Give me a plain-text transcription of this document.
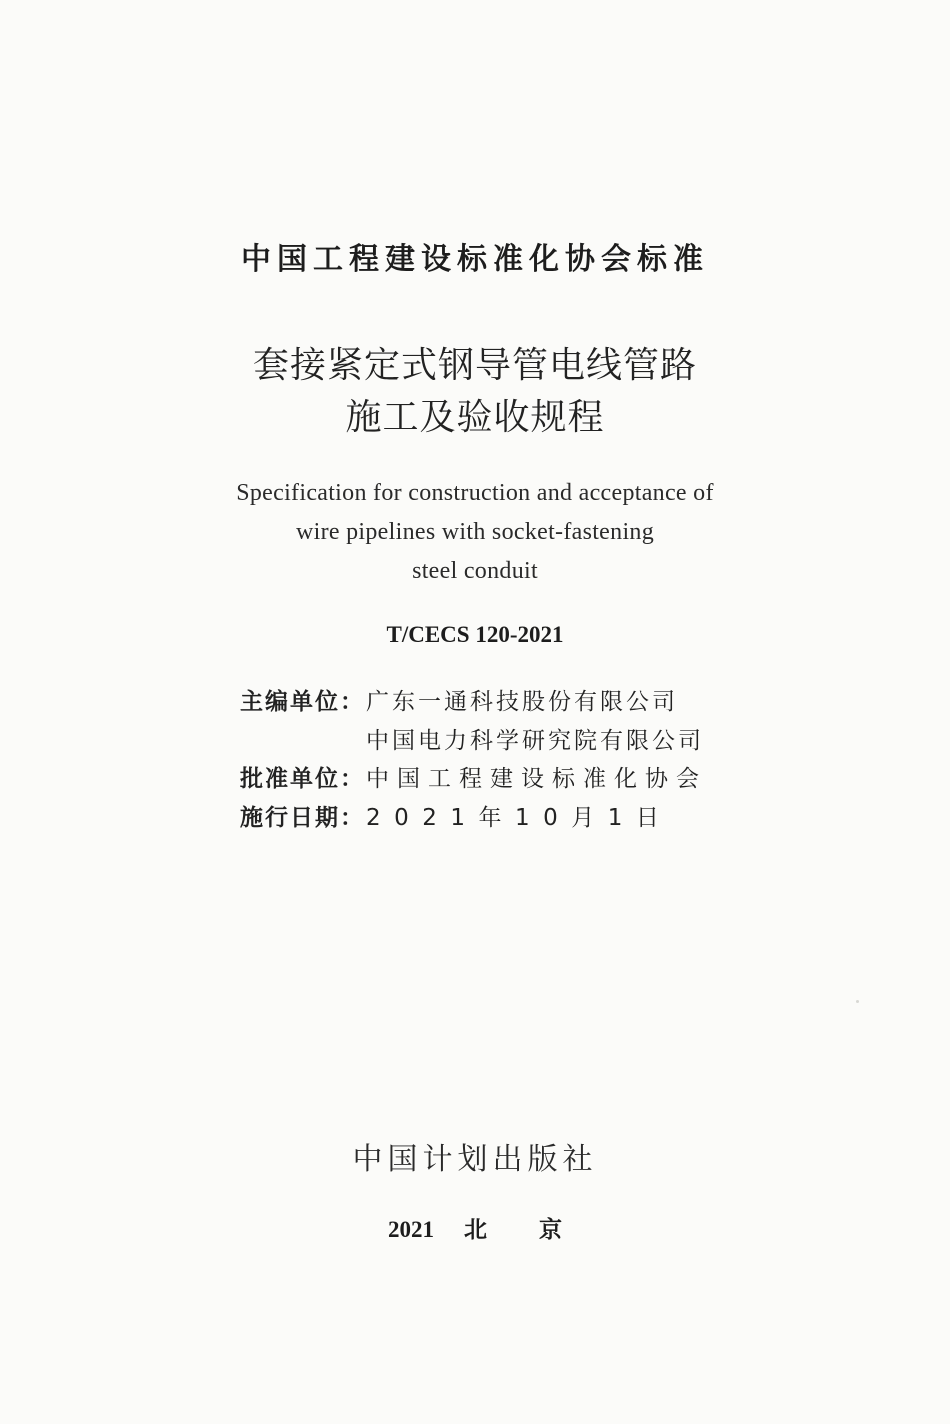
中国工程建设标准化协会标准
套接紧定式钢导管电线管路
施工及验收规程
Specification for construction and acceptance of
wire pipelines with socket-fastening
steel conduit
T/CECS 120-2021
主编单位： 广东一通科技股份有限公司
中国电力科学研究院有限公司
批准单位： 中国工程建设标准化协会
施行日期： 2021年10月1日
中国计划出版社
2021 北 京
